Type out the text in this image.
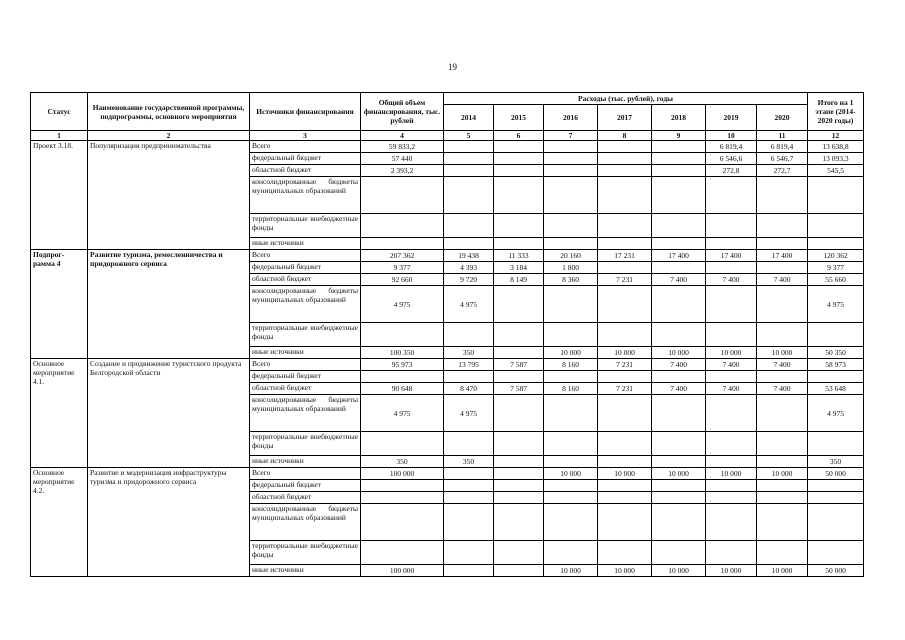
19
Статус	Наименование государственной программы, подпрограммы, основного мероприятия	Источники финансирования	Общий объем финансирования, тыс. рублей	Расходы (тыс. рублей), годы							Итого на 1 этапе (2014-2020 годы)
				2014	2015	2016	2017	2018	2019	2020	
1	2	3	4	5	6	7	8	9	10	11	12
Проект 3.18.	Популяризация предпринимательства	Всего	59 833,2						6 819,4	6 819,4	13 638,8
		федеральный бюджет	57 440						6 546,6	6 546,7	13 093,3
		областной бюджет	2 393,2						272,8	272,7	545,5
		консолидированные бюджеты муниципальных образований									
		территориальные внебюджетные фонды									
		иные источники									
Подпрог-рамма 4	Развитие туризма, ремесленничества и придорожного сервиса	Всего	207 362	19 438	11 333	20 160	17 231	17 400	17 400	17 400	120 362
		федеральный бюджет	9 377	4 393	3 184	1 800					9 377
		областной бюджет	92 660	9 720	8 149	8 360	7 231	7 400	7 400	7 400	55 660
		консолидированные бюджеты муниципальных образований	4 975	4 975							4 975
		территориальные внебюджетные фонды									
		иные источники	100 350	350		10 000	10 000	10 000	10 000	10 000	50 350
Основное мероприятие 4.1.	Создание и продвижение туристского продукта Белгородской области	Всего	95 973	13 795	7 587	8 160	7 231	7 400	7 400	7 400	58 973
		федеральный бюджет									
		областной бюджет	90 648	8 470	7 587	8 160	7 231	7 400	7 400	7 400	53 648
		консолидированные бюджеты муниципальных образований	4 975	4 975							4 975
		территориальные внебюджетные фонды									
		иные источники	350	350							350
Основное мероприятие 4.2.	Развитие и модернизация инфраструктуры туризма и придорожного сервиса	Всего	100 000			10 000	10 000	10 000	10 000	10 000	50 000
		федеральный бюджет									
		областной бюджет									
		консолидированные бюджеты муниципальных образований									
		территориальные внебюджетные фонды									
		иные источники	100 000			10 000	10 000	10 000	10 000	10 000	50 000
